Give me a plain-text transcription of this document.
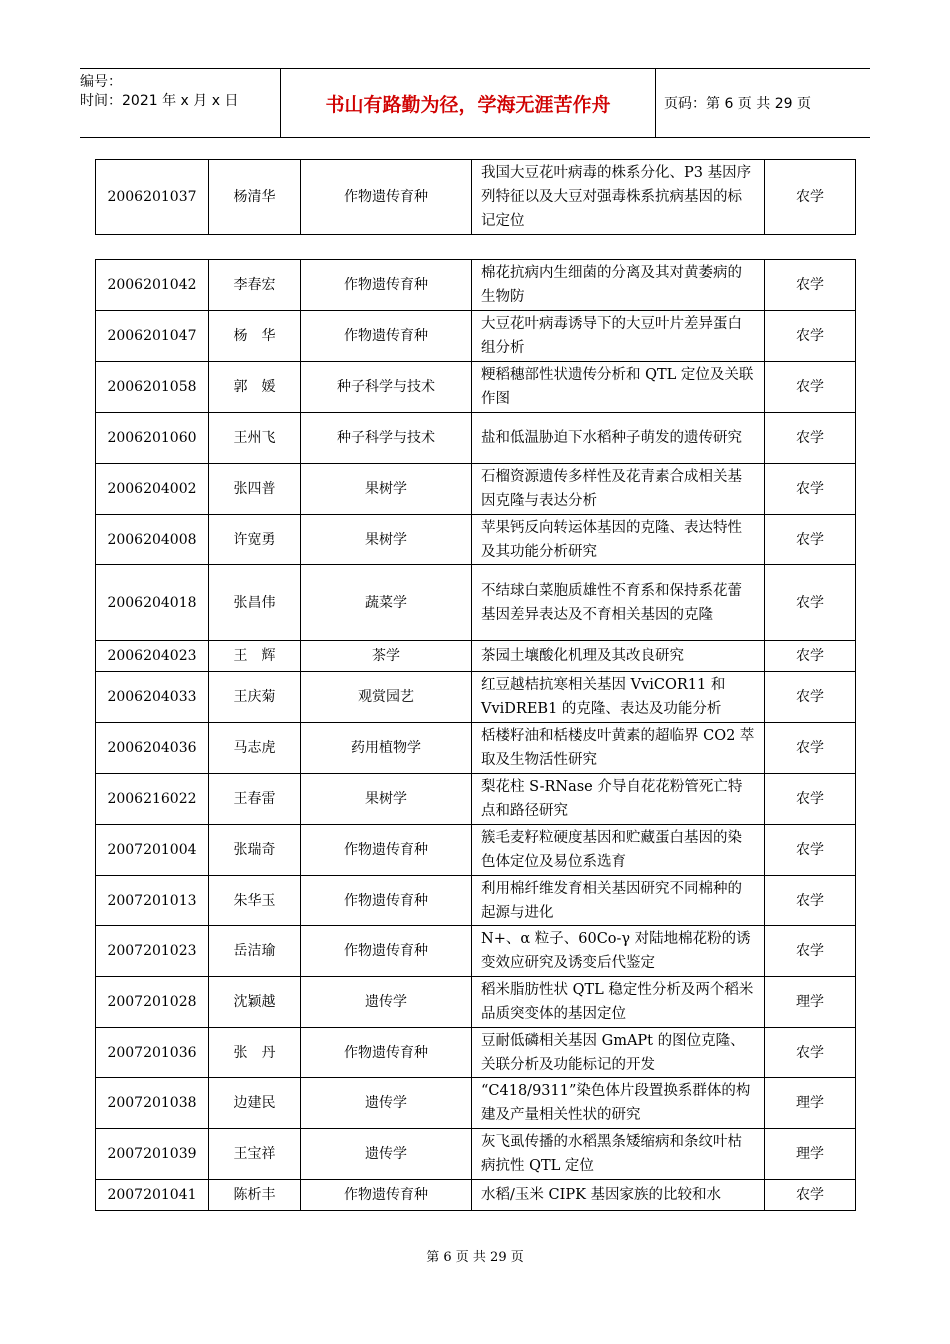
编号：
时间：2021 年 x 月 x 日	书山有路勤为径，学海无涯苦作舟	页码：第 6 页 共 29 页
2006201037	杨清华	作物遗传育种	我国大豆花叶病毒的株系分化、P3 基因序列特征以及大豆对强毒株系抗病基因的标记定位	农学
2006201042	李春宏	作物遗传育种	棉花抗病内生细菌的分离及其对黄萎病的生物防	农学
2006201047	杨　华	作物遗传育种	大豆花叶病毒诱导下的大豆叶片差异蛋白组分析	农学
2006201058	郭　媛	种子科学与技术	粳稻穗部性状遗传分析和 QTL 定位及关联作图	农学
2006201060	王州飞	种子科学与技术	盐和低温胁迫下水稻种子萌发的遗传研究	农学
2006204002	张四普	果树学	石榴资源遗传多样性及花青素合成相关基因克隆与表达分析	农学
2006204008	许宽勇	果树学	苹果钙反向转运体基因的克隆、表达特性及其功能分析研究	农学
2006204018	张昌伟	蔬菜学	不结球白菜胞质雄性不育系和保持系花蕾基因差异表达及不育相关基因的克隆	农学
2006204023	王　辉	茶学	茶园土壤酸化机理及其改良研究	农学
2006204033	王庆菊	观赏园艺	红豆越桔抗寒相关基因 VviCOR11 和 VviDREB1 的克隆、表达及功能分析	农学
2006204036	马志虎	药用植物学	栝楼籽油和栝楼皮叶黄素的超临界 CO2 萃取及生物活性研究	农学
2006216022	王春雷	果树学	梨花柱 S-RNase 介导自花花粉管死亡特点和路径研究	农学
2007201004	张瑞奇	作物遗传育种	簇毛麦籽粒硬度基因和贮藏蛋白基因的染色体定位及易位系选育	农学
2007201013	朱华玉	作物遗传育种	利用棉纤维发育相关基因研究不同棉种的起源与进化	农学
2007201023	岳洁瑜	作物遗传育种	N+、α 粒子、60Co-γ 对陆地棉花粉的诱变效应研究及诱变后代鉴定	农学
2007201028	沈颖越	遗传学	稻米脂肪性状 QTL 稳定性分析及两个稻米品质突变体的基因定位	理学
2007201036	张　丹	作物遗传育种	豆耐低磷相关基因 GmAPt 的图位克隆、关联分析及功能标记的开发	农学
2007201038	边建民	遗传学	“C418/9311”染色体片段置换系群体的构建及产量相关性状的研究	理学
2007201039	王宝祥	遗传学	灰飞虱传播的水稻黑条矮缩病和条纹叶枯病抗性 QTL 定位	理学
2007201041	陈析丰	作物遗传育种	水稻/玉米 CIPK 基因家族的比较和水	农学
第 6 页 共 29 页
